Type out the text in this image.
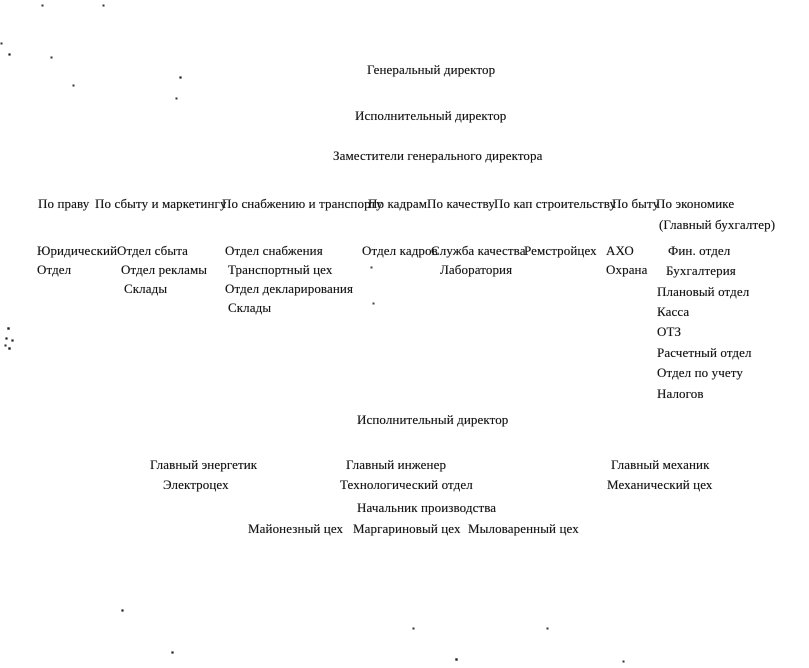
Генеральный директор
Исполнительный директор
Заместители генерального директора
По праву По сбыту и маркетингу
По снабжению и транспорту
По кадрам По качеству По кап строительству
По быту
По экономике
(Главный бухгалтер)
Юридический
Отдел
Отдел сбыта
Отдел рекламы
Склады
Отдел снабжения
Транспортный цех
Отдел декларирования
Склады
Отдел кадров
Служба качества
Лаборатория
Ремстройцех АХО
Охрана
Фин. отдел
Бухгалтерия
Плановый отдел
Касса
ОТЗ
Расчетный отдел
Отдел по учету
Налогов
Исполнительный директор
Главный энергетик
Электроцех
Главный инженер
Технологический отдел
Начальник производства
Главный механик
Механический цех
Майонезный цех Маргариновый цех Мыловаренный цех
